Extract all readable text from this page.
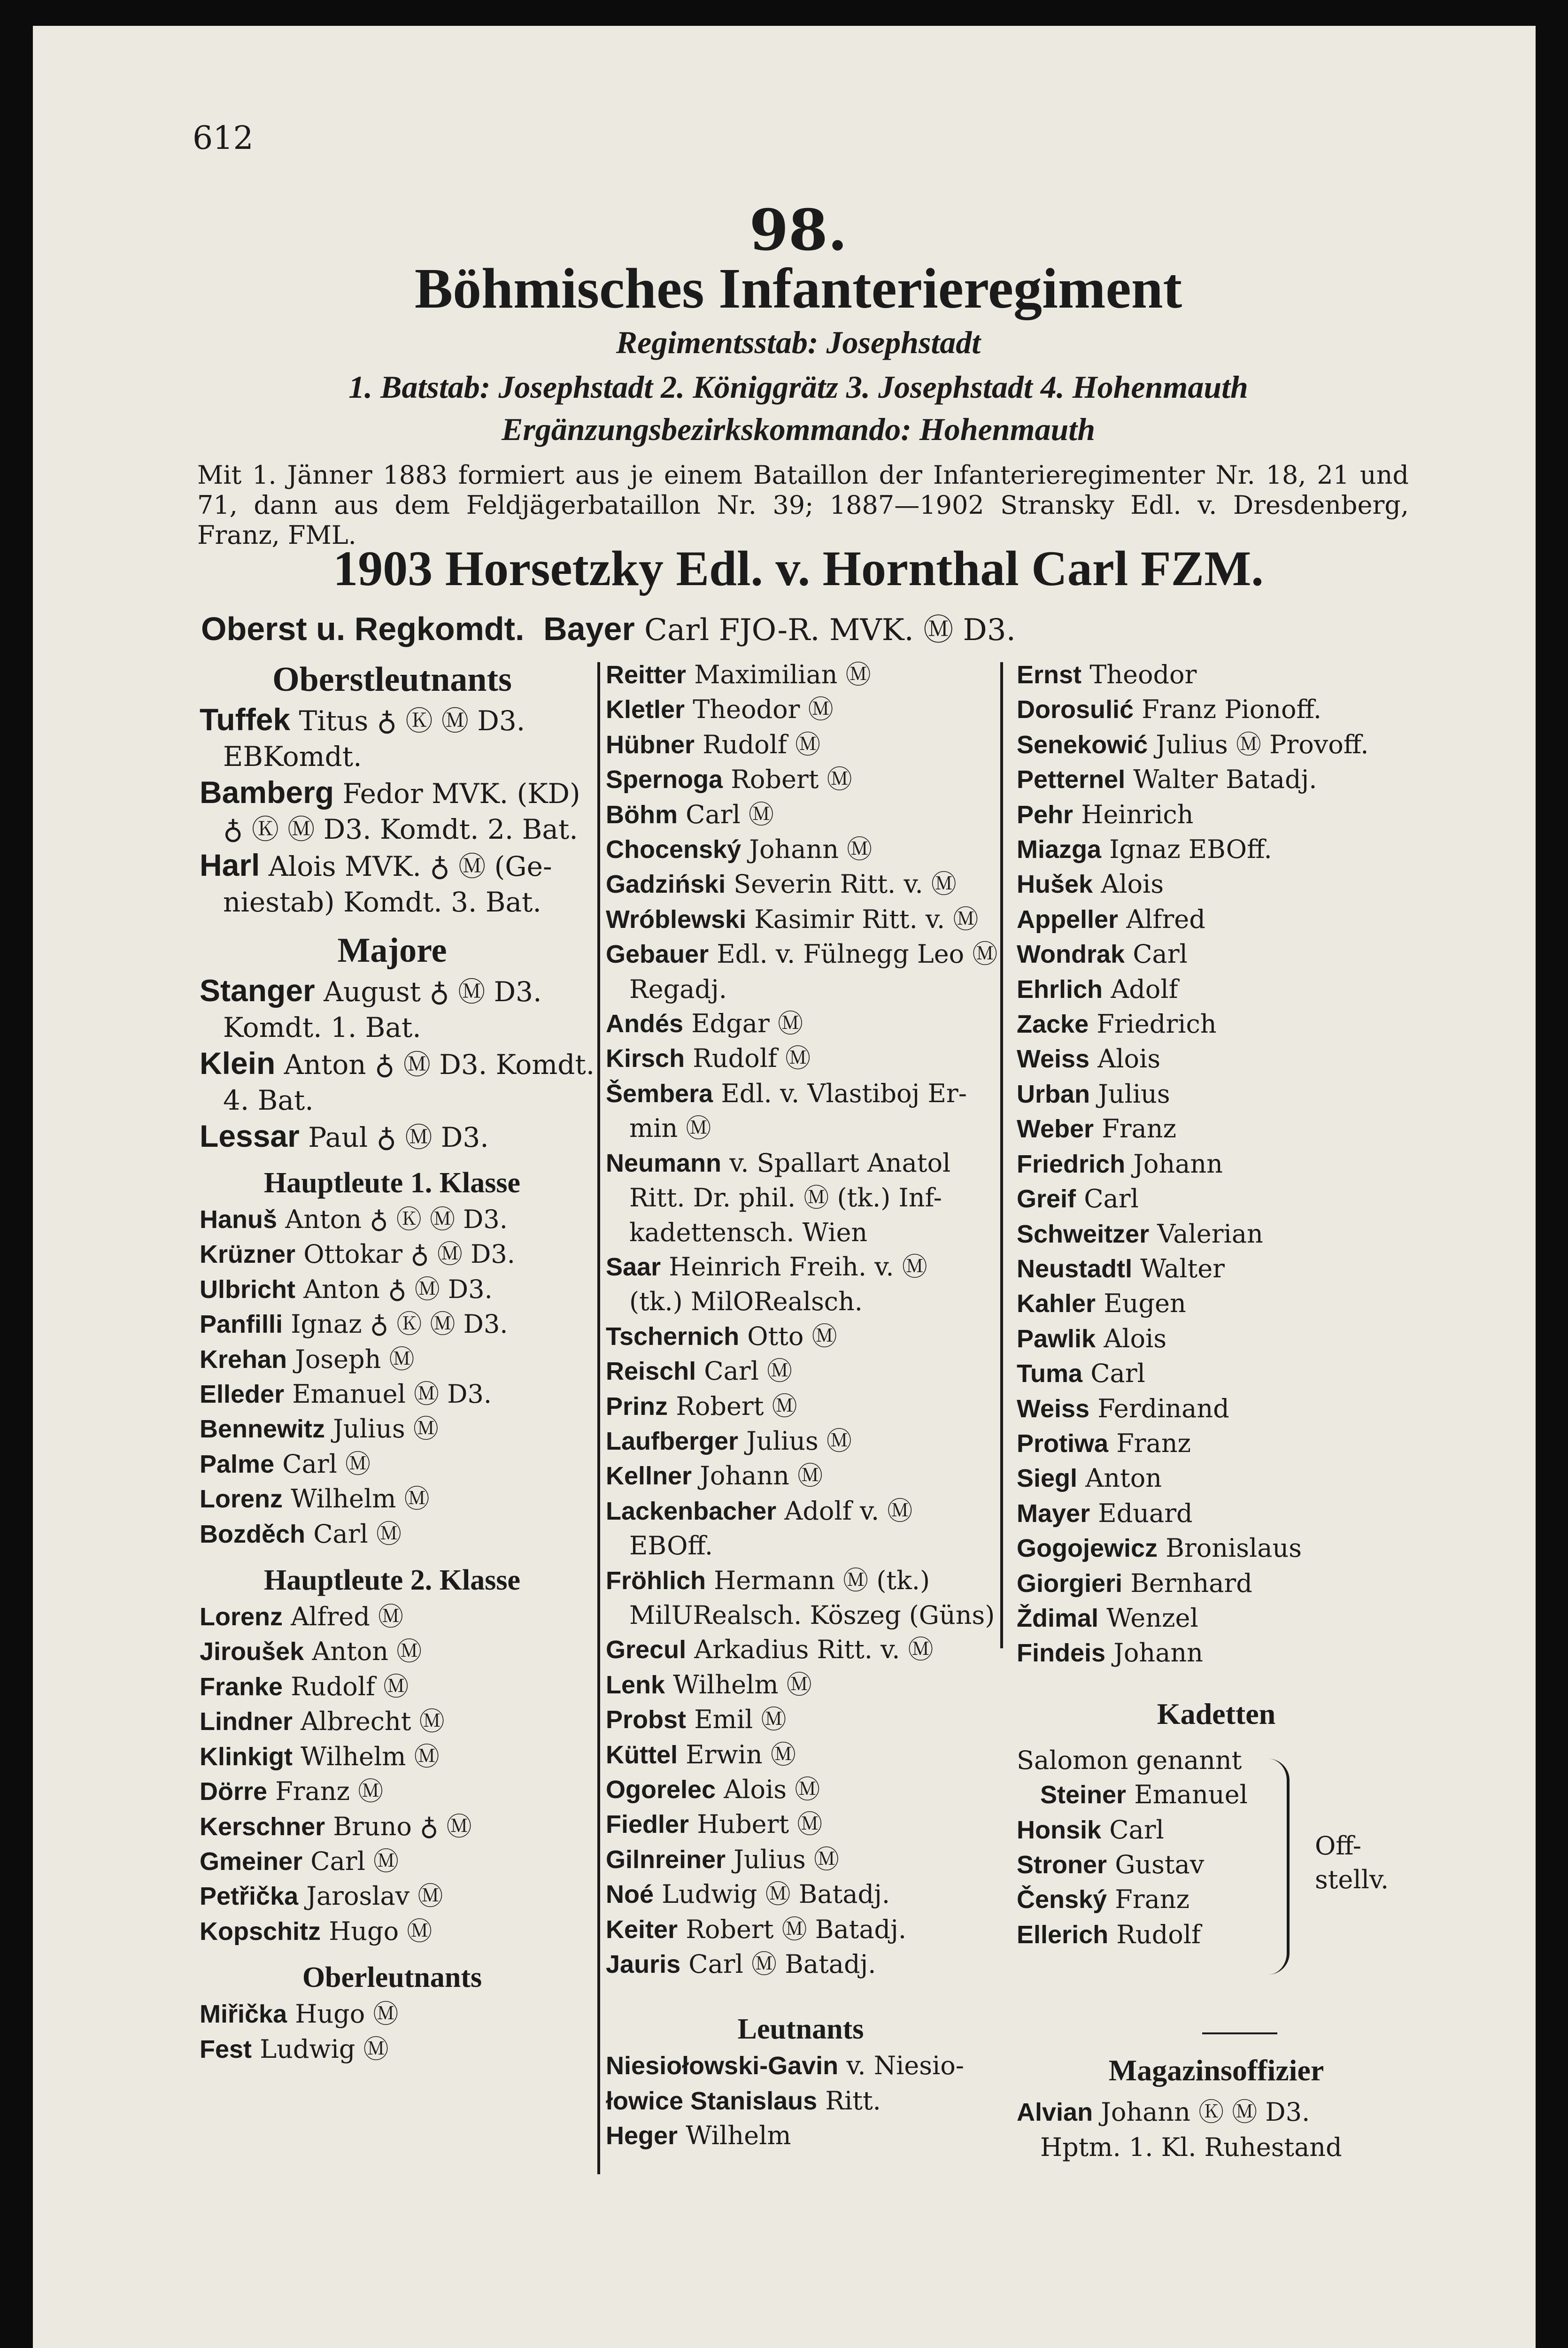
612
98.
Böhmisches Infanterieregiment
Regimentsstab: Josephstadt
1. Batstab: Josephstadt 2. Königgrätz 3. Josephstadt 4. Hohenmauth
Ergänzungsbezirkskommando: Hohenmauth
Mit 1. Jänner 1883 formiert aus je einem Bataillon der Infanterieregimenter Nr. 18, 21 und 71, dann aus dem Feldjägerbataillon Nr. 39; 1887—1902 Stransky Edl. v. Dresdenberg, Franz, FML.
1903 Horsetzky Edl. v. Hornthal Carl FZM.
Oberst u. Regkomdt. Bayer Carl FJO-R. MVK. Ⓜ D3.
Oberstleutnants
Tuffek Titus ♁ Ⓚ Ⓜ D3.
EBKomdt.
Bamberg Fedor MVK. (KD)
♁ Ⓚ Ⓜ D3. Komdt. 2. Bat.
Harl Alois MVK. ♁ Ⓜ (Ge-
niestab) Komdt. 3. Bat.
Majore
Stanger August ♁ Ⓜ D3.
Komdt. 1. Bat.
Klein Anton ♁ Ⓜ D3. Komdt.
4. Bat.
Lessar Paul ♁ Ⓜ D3.
Hauptleute 1. Klasse
Hanuš Anton ♁ Ⓚ Ⓜ D3.
Krüzner Ottokar ♁ Ⓜ D3.
Ulbricht Anton ♁ Ⓜ D3.
Panfilli Ignaz ♁ Ⓚ Ⓜ D3.
Krehan Joseph Ⓜ
Elleder Emanuel Ⓜ D3.
Bennewitz Julius Ⓜ
Palme Carl Ⓜ
Lorenz Wilhelm Ⓜ
Bozděch Carl Ⓜ
Hauptleute 2. Klasse
Lorenz Alfred Ⓜ
Jiroušek Anton Ⓜ
Franke Rudolf Ⓜ
Lindner Albrecht Ⓜ
Klinkigt Wilhelm Ⓜ
Dörre Franz Ⓜ
Kerschner Bruno ♁ Ⓜ
Gmeiner Carl Ⓜ
Petřička Jaroslav Ⓜ
Kopschitz Hugo Ⓜ
Oberleutnants
Miřička Hugo Ⓜ
Fest Ludwig Ⓜ
Reitter Maximilian Ⓜ
Kletler Theodor Ⓜ
Hübner Rudolf Ⓜ
Spernoga Robert Ⓜ
Böhm Carl Ⓜ
Chocenský Johann Ⓜ
Gadziński Severin Ritt. v. Ⓜ
Wróblewski Kasimir Ritt. v. Ⓜ
Gebauer Edl. v. Fülnegg Leo Ⓜ
Regadj.
Andés Edgar Ⓜ
Kirsch Rudolf Ⓜ
Šembera Edl. v. Vlastiboj Er-
min Ⓜ
Neumann v. Spallart Anatol
Ritt. Dr. phil. Ⓜ (tk.) Inf-
kadettensch. Wien
Saar Heinrich Freih. v. Ⓜ
(tk.) MilORealsch.
Tschernich Otto Ⓜ
Reischl Carl Ⓜ
Prinz Robert Ⓜ
Laufberger Julius Ⓜ
Kellner Johann Ⓜ
Lackenbacher Adolf v. Ⓜ
EBOff.
Fröhlich Hermann Ⓜ (tk.)
MilURealsch. Köszeg (Güns)
Grecul Arkadius Ritt. v. Ⓜ
Lenk Wilhelm Ⓜ
Probst Emil Ⓜ
Küttel Erwin Ⓜ
Ogorelec Alois Ⓜ
Fiedler Hubert Ⓜ
Gilnreiner Julius Ⓜ
Noé Ludwig Ⓜ Batadj.
Keiter Robert Ⓜ Batadj.
Jauris Carl Ⓜ Batadj.
Leutnants
Niesiołowski-Gavin v. Niesio-
łowice Stanislaus Ritt.
Heger Wilhelm
Ernst Theodor
Dorosulić Franz Pionoff.
Senekowić Julius Ⓜ Provoff.
Petternel Walter Batadj.
Pehr Heinrich
Miazga Ignaz EBOff.
Hušek Alois
Appeller Alfred
Wondrak Carl
Ehrlich Adolf
Zacke Friedrich
Weiss Alois
Urban Julius
Weber Franz
Friedrich Johann
Greif Carl
Schweitzer Valerian
Neustadtl Walter
Kahler Eugen
Pawlik Alois
Tuma Carl
Weiss Ferdinand
Protiwa Franz
Siegl Anton
Mayer Eduard
Gogojewicz Bronislaus
Giorgieri Bernhard
Ždimal Wenzel
Findeis Johann
Kadetten
Salomon genannt
Steiner Emanuel
Honsik Carl
Stroner Gustav
Čenský Franz
Ellerich Rudolf
Magazinsoffizier
Alvian Johann Ⓚ Ⓜ D3.
Hptm. 1. Kl. Ruhestand
Off-stellv.
